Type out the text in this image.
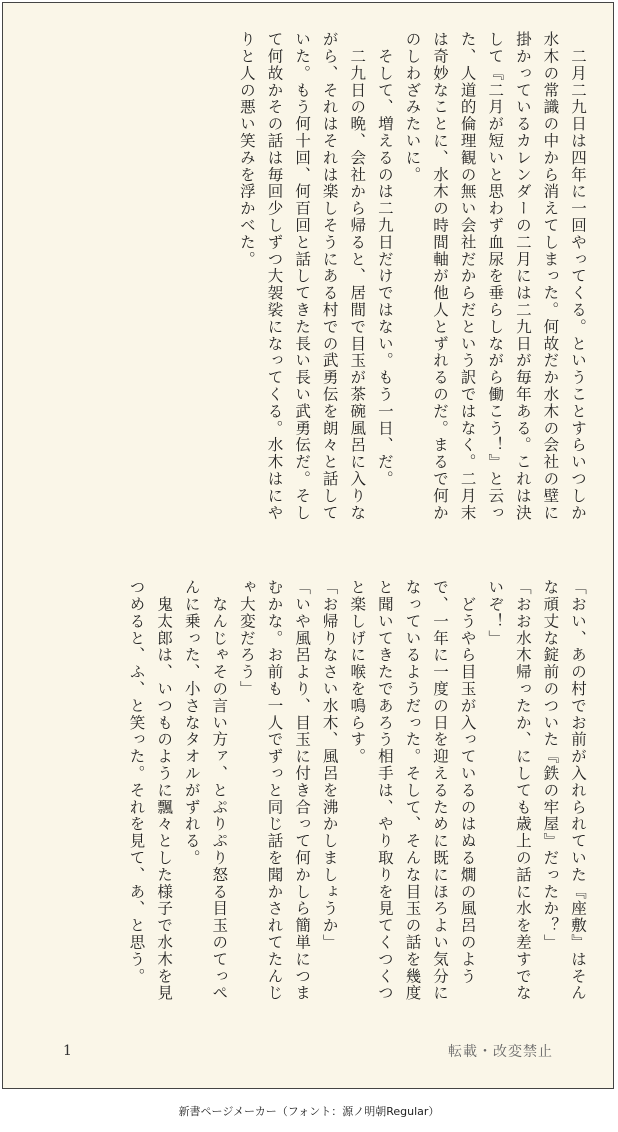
　二月二九日は四年に一回やってくる。ということすらいつしか水木の常識の中から消えてしまった。何故だか水木の会社の壁に掛かっているカレンダーの二月には二九日が毎年ある。これは決して『二月が短いと思わず血尿を垂らしながら働こう！』と云った、人道的倫理観の無い会社だからだという訳ではなく。二月末は奇妙なことに、水木の時間軸が他人とずれるのだ。まるで何かのしわざみたいに。

　そして、増えるのは二九日だけではない。もう一日、だ。

　二九日の晩、会社から帰ると、居間で目玉が茶碗風呂に入りながら、それはそれは楽しそうにある村での武勇伝を朗々と話していた。もう何十回、何百回と話してきた長い長い武勇伝だ。そして何故かその話は毎回少しずつ大袈裟になってくる。水木はにやりと人の悪い笑みを浮かべた。

「おい、あの村でお前が入れられていた『座敷』はそんな頑丈な錠前のついた『鉄の牢屋』だったか？」

「おお水木帰ったか、にしても歳上の話に水を差すでないぞ！」

　どうやら目玉が入っているのはぬる燗の風呂のようで、一年に一度の日を迎えるために既にほろよい気分になっているようだった。そして、そんな目玉の話を幾度と聞いてきたであろう相手は、やり取りを見てくつくつと楽しげに喉を鳴らす。

「お帰りなさい水木、風呂を沸かしましょうか」

「いや風呂より、目玉に付き合って何かしら簡単につまむかな。お前も一人でずっと同じ話を聞かされてたんじゃ大変だろう」

　なんじゃその言い方ァ、とぷりぷり怒る目玉のてっぺんに乗った、小さなタオルがずれる。

　鬼太郎は、いつものように飄々とした様子で水木を見つめると、ふ、と笑った。それを見て、あ、と思う。

1	転載・改変禁止
新書ページメーカー（フォント：源ノ明朝Regular）
